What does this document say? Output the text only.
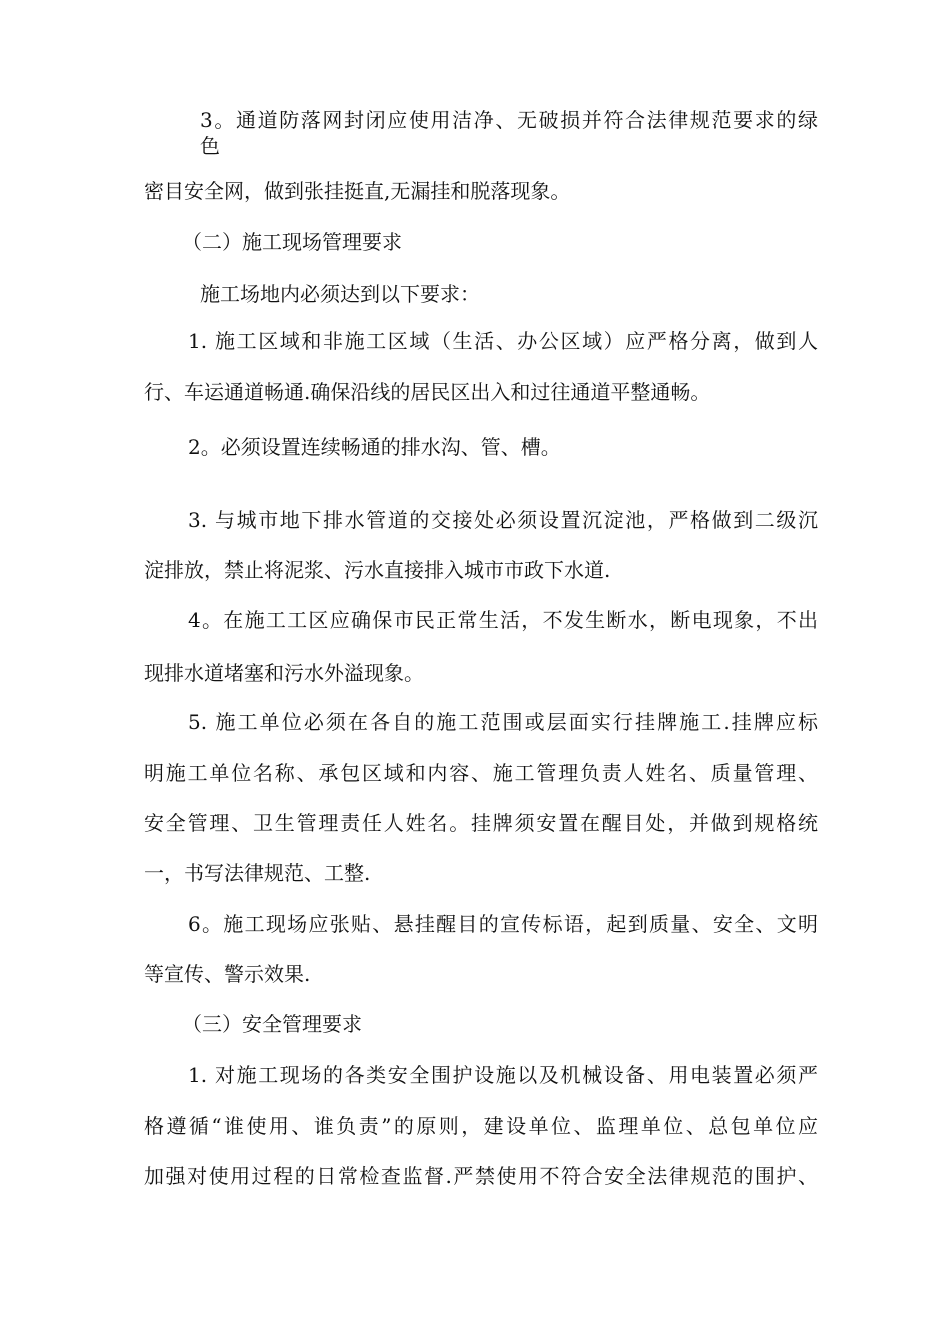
3。通道防落网封闭应使用洁净、无破损并符合法律规范要求的绿

色

密目安全网，做到张挂挺直,无漏挂和脱落现象。

（二）施工现场管理要求

施工场地内必须达到以下要求：

1. 施工区域和非施工区域（生活、办公区域）应严格分离，做到人

行、车运通道畅通.确保沿线的居民区出入和过往通道平整通畅。

2。必须设置连续畅通的排水沟、管、槽。

3. 与城市地下排水管道的交接处必须设置沉淀池，严格做到二级沉

淀排放，禁止将泥浆、污水直接排入城市市政下水道.

4。在施工工区应确保市民正常生活，不发生断水，断电现象，不出

现排水道堵塞和污水外溢现象。

5. 施工单位必须在各自的施工范围或层面实行挂牌施工.挂牌应标

明施工单位名称、承包区域和内容、施工管理负责人姓名、质量管理、

安全管理、卫生管理责任人姓名。挂牌须安置在醒目处，并做到规格统

一，书写法律规范、工整.

6。施工现场应张贴、悬挂醒目的宣传标语，起到质量、安全、文明

等宣传、警示效果.

（三）安全管理要求

1. 对施工现场的各类安全围护设施以及机械设备、用电装置必须严

格遵循“谁使用、谁负责”的原则，建设单位、监理单位、总包单位应

加强对使用过程的日常检查监督.严禁使用不符合安全法律规范的围护、
